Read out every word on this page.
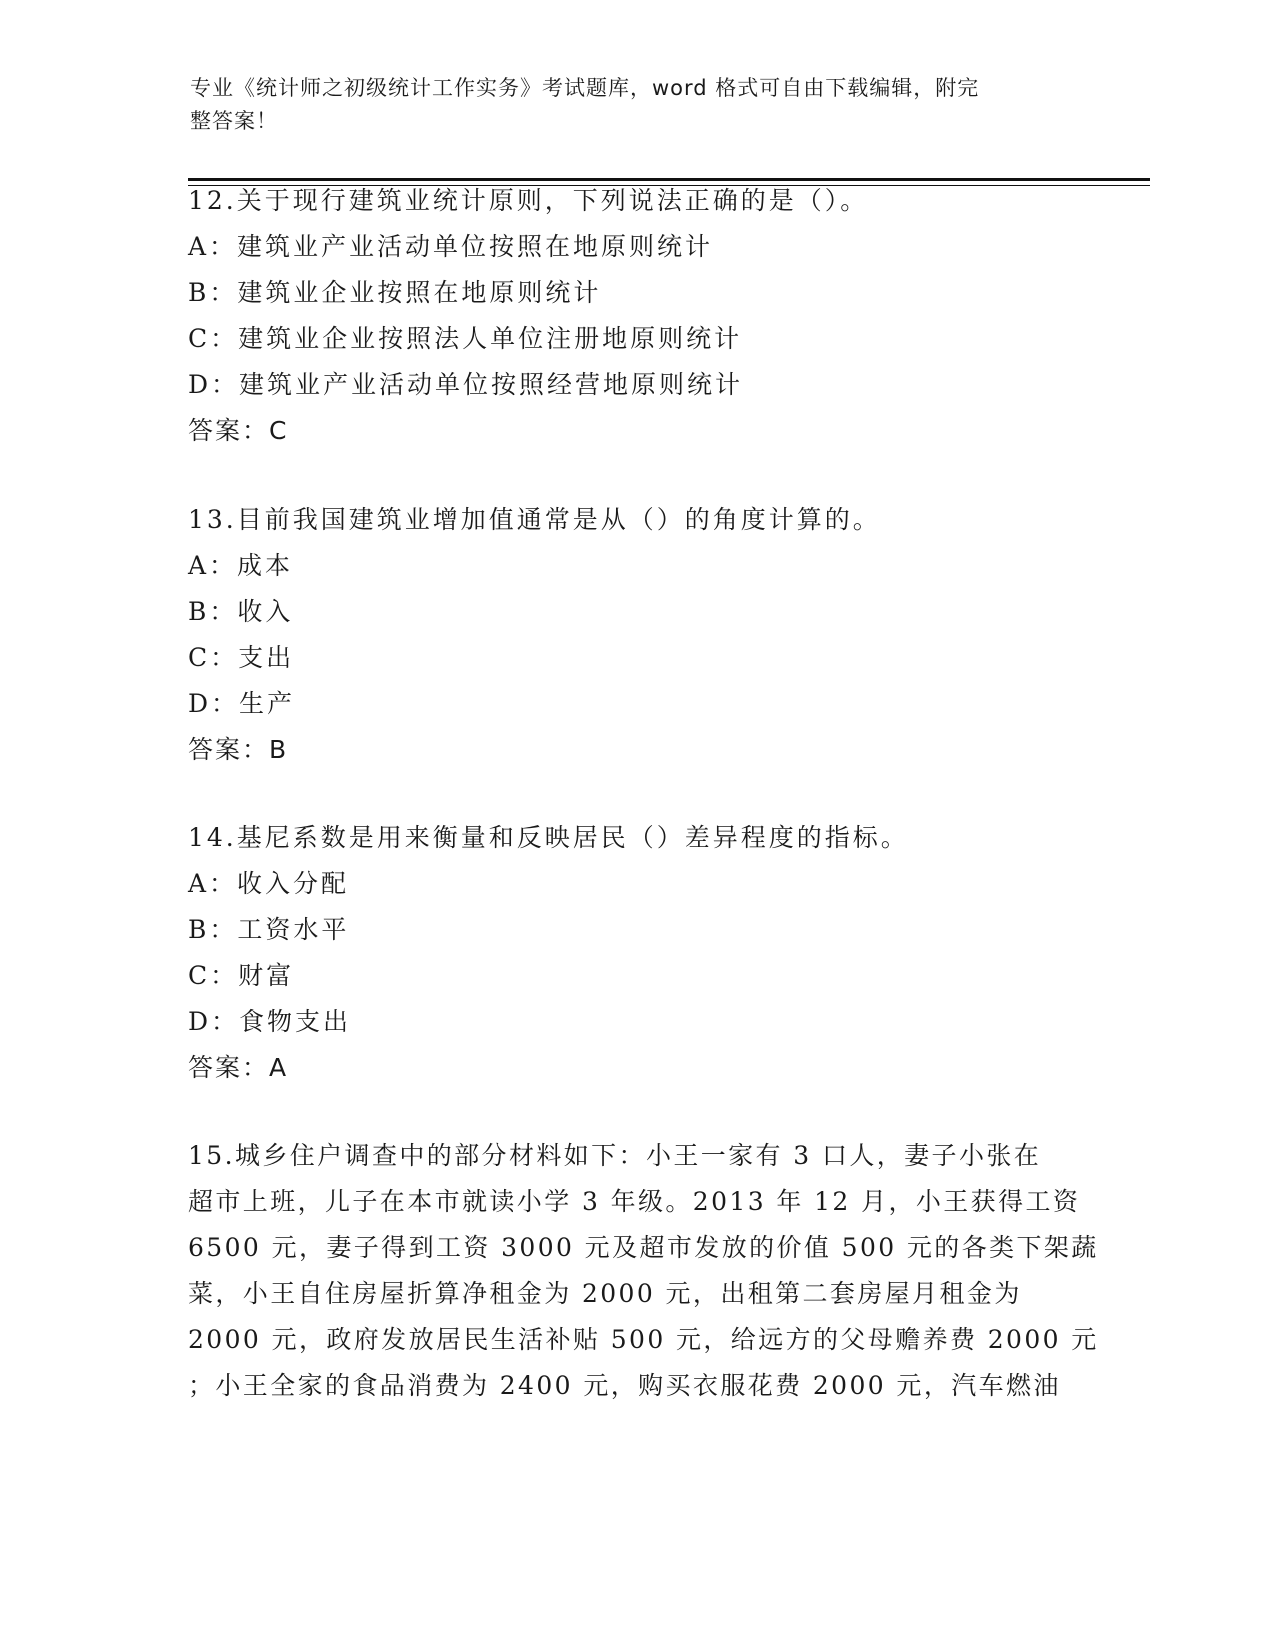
专业《统计师之初级统计工作实务》考试题库，word 格式可自由下载编辑，附完
整答案！
12.关于现行建筑业统计原则，下列说法正确的是（）。
A：建筑业产业活动单位按照在地原则统计
B：建筑业企业按照在地原则统计
C：建筑业企业按照法人单位注册地原则统计
D：建筑业产业活动单位按照经营地原则统计
答案：C
13.目前我国建筑业增加值通常是从（）的角度计算的。
A：成本
B：收入
C：支出
D：生产
答案：B
14.基尼系数是用来衡量和反映居民（）差异程度的指标。
A：收入分配
B：工资水平
C：财富
D：食物支出
答案：A
15.城乡住户调查中的部分材料如下：小王一家有 3 口人，妻子小张在
超市上班，儿子在本市就读小学 3 年级。2013 年 12 月，小王获得工资
6500 元，妻子得到工资 3000 元及超市发放的价值 500 元的各类下架蔬
菜，小王自住房屋折算净租金为 2000 元，出租第二套房屋月租金为
2000 元，政府发放居民生活补贴 500 元，给远方的父母赡养费 2000 元
；小王全家的食品消费为 2400 元，购买衣服花费 2000 元，汽车燃油
